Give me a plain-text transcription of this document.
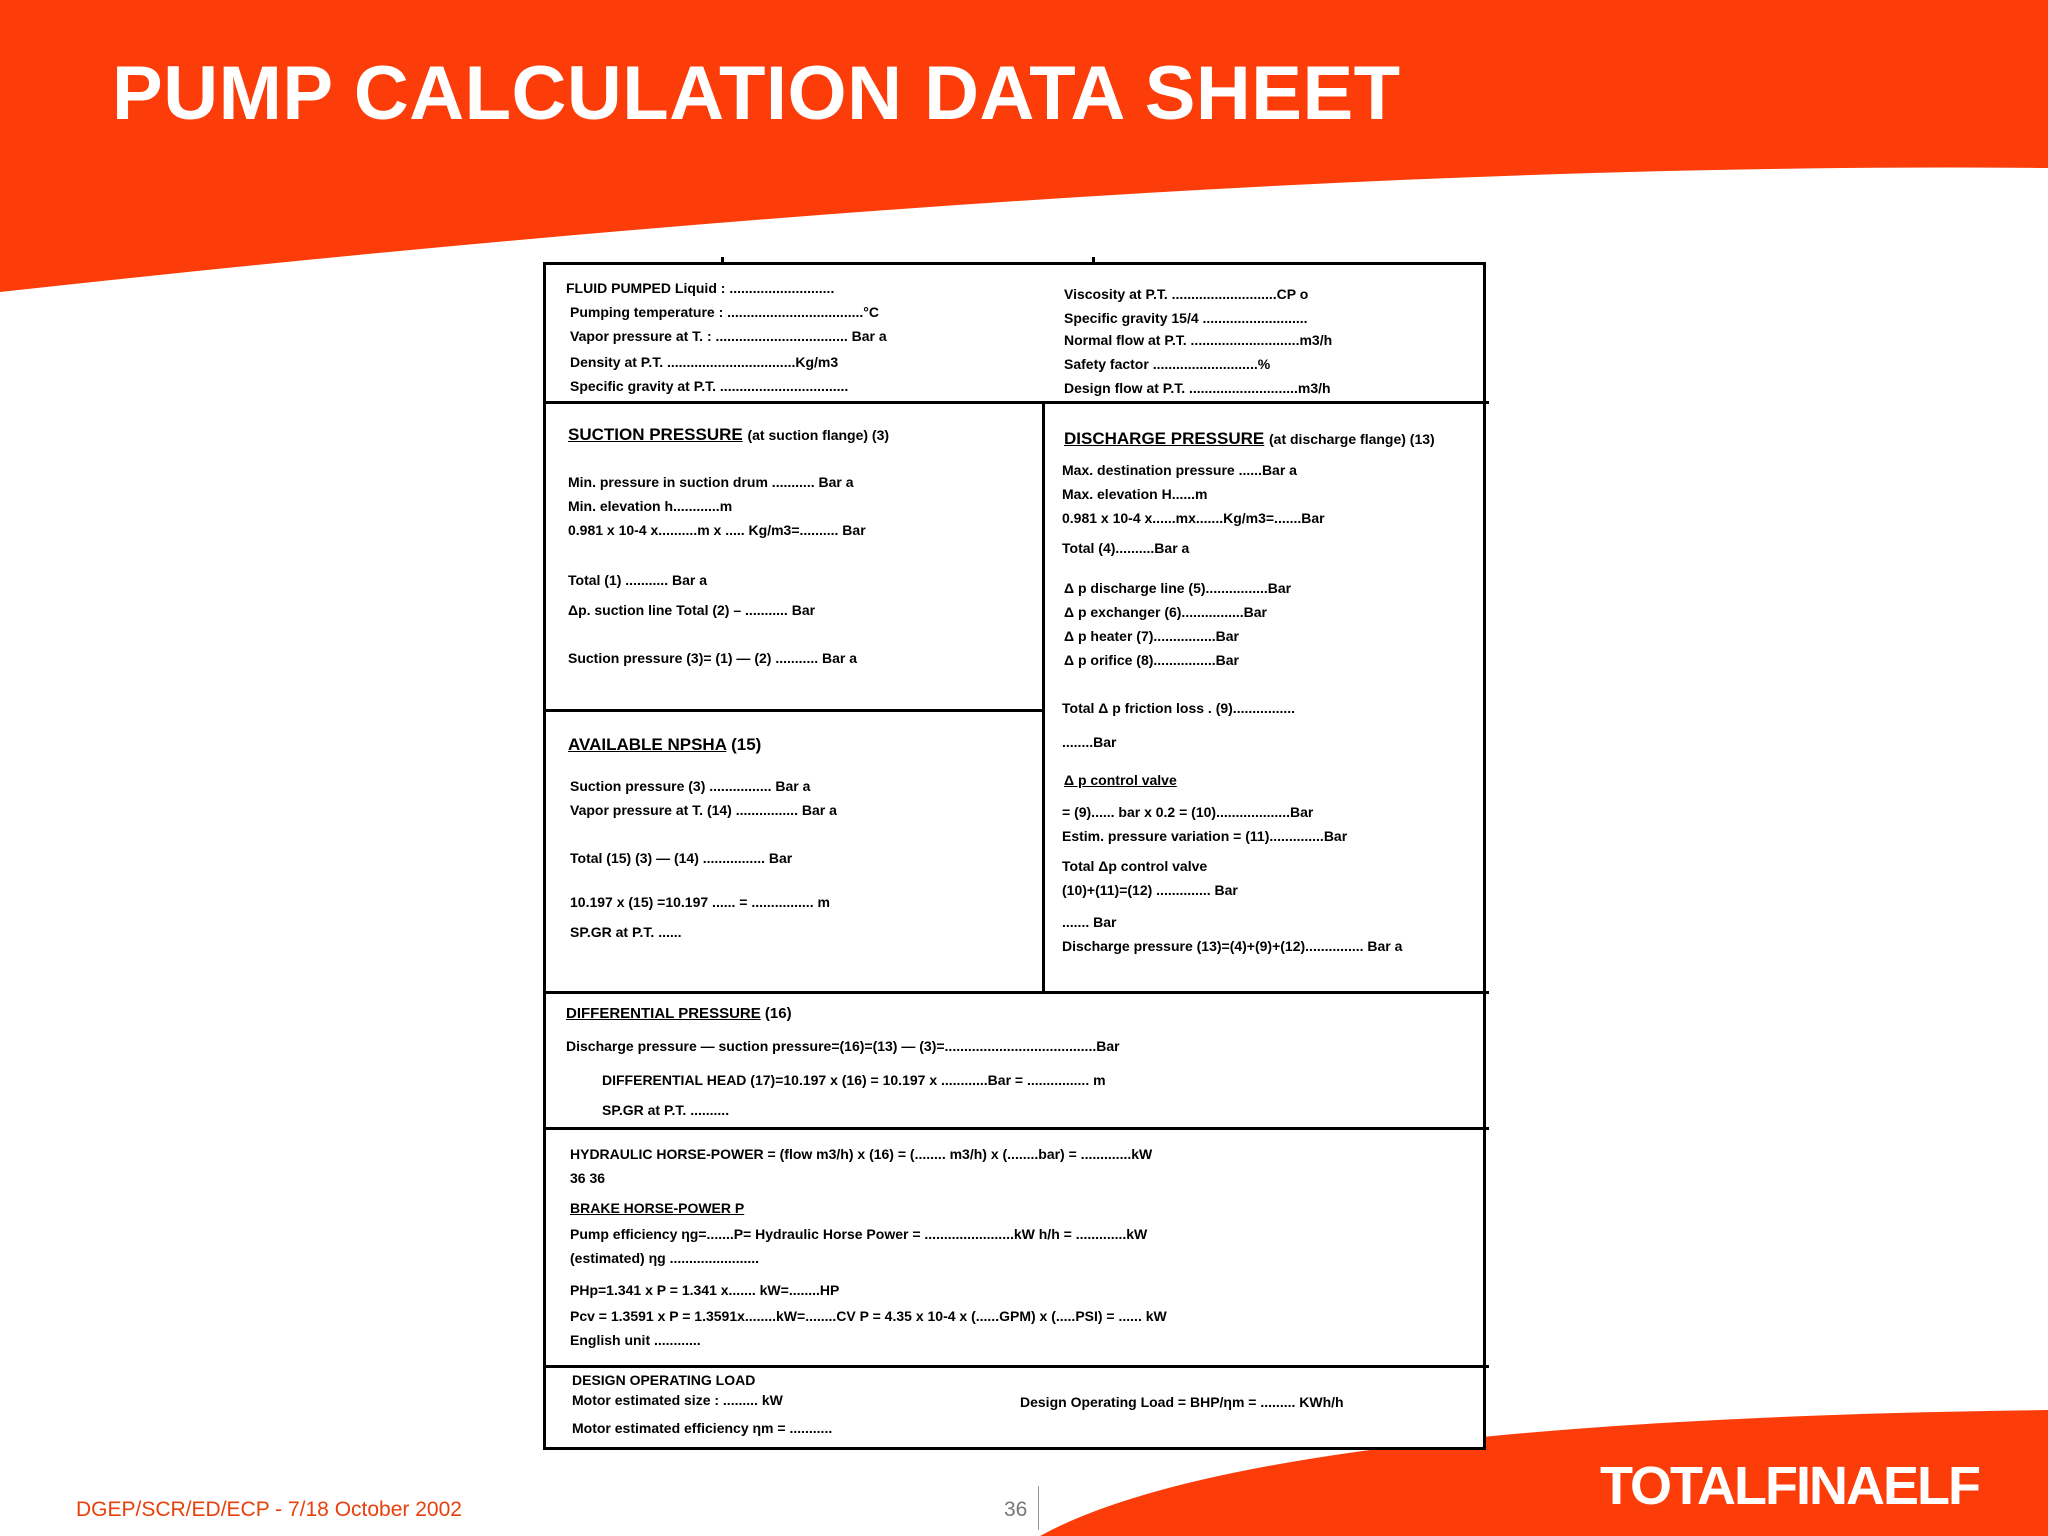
PUMP CALCULATION DATA SHEET
FLUID PUMPED Liquid : ...........................
Pumping temperature : ...................................°C
Vapor pressure at T. : .................................. Bar a
Density at P.T. .................................Kg/m3
Specific gravity at P.T. .................................
Viscosity at P.T. ...........................CP o
Specific gravity 15/4 ...........................
Normal flow at P.T. ............................m3/h
Safety factor ...........................%
Design flow at P.T. ............................m3/h
SUCTION PRESSURE (at suction flange) (3)
Min. pressure in suction drum ........... Bar a
Min. elevation h............m
0.981 x 10-4 x..........m x ..... Kg/m3=.......... Bar
Total (1) ........... Bar a
Δp. suction line Total (2) – ........... Bar
Suction pressure (3)= (1) — (2) ........... Bar a
AVAILABLE NPSHA (15)
Suction pressure (3) ................ Bar a
Vapor pressure at T. (14) ................ Bar a
Total (15) (3) — (14) ................ Bar
10.197 x (15) =10.197 ...... = ................ m
SP.GR at P.T. ......
DISCHARGE PRESSURE (at discharge flange) (13)
Max. destination pressure ......Bar a
Max. elevation H......m
0.981 x 10-4 x......mx.......Kg/m3=.......Bar
Total (4)..........Bar a
Δ p discharge line (5)................Bar
Δ p exchanger (6)................Bar
Δ p heater (7)................Bar
Δ p orifice (8)................Bar
Total Δ p friction loss . (9)................
........Bar
Δ p control valve
= (9)...... bar x 0.2 = (10)...................Bar
Estim. pressure variation = (11)..............Bar
Total Δp control valve
(10)+(11)=(12) .............. Bar
....... Bar
Discharge pressure (13)=(4)+(9)+(12)............... Bar a
DIFFERENTIAL PRESSURE (16)
Discharge pressure — suction pressure=(16)=(13) — (3)=.......................................Bar
DIFFERENTIAL HEAD (17)=10.197 x (16) = 10.197 x ............Bar = ................ m
SP.GR at P.T. ..........
HYDRAULIC HORSE-POWER = (flow m3/h) x (16) = (........ m3/h) x (........bar) = .............kW
36 36
BRAKE HORSE-POWER P
Pump efficiency ηg=.......P= Hydraulic Horse Power = .......................kW h/h = .............kW
(estimated) ηg .......................
PHp=1.341 x P = 1.341 x....... kW=........HP
Pcv = 1.3591 x P = 1.3591x........kW=........CV P = 4.35 x 10-4 x (......GPM) x (.....PSI) = ...... kW
English unit ............
DESIGN OPERATING LOAD
Motor estimated size : ......... kW
Motor estimated efficiency ηm = ...........
Design Operating Load = BHP/ηm = ......... KWh/h
DGEP/SCR/ED/ECP - 7/18 October 2002	36	TOTALFINAELF
